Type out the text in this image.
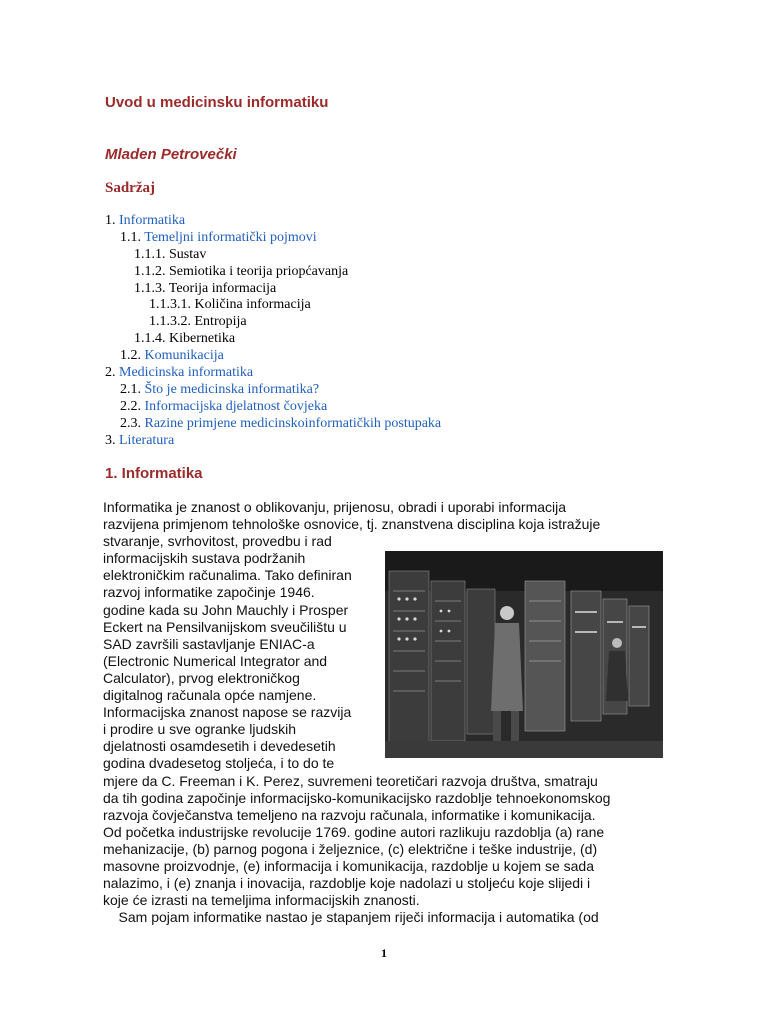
Uvod u medicinsku informatiku
Mladen Petrovečki
Sadržaj
1. Informatika
1.1. Temeljni informatički pojmovi
1.1.1. Sustav
1.1.2. Semiotika i teorija priopćavanja
1.1.3. Teorija informacija
1.1.3.1. Količina informacija
1.1.3.2. Entropija
1.1.4. Kibernetika
1.2. Komunikacija
2. Medicinska informatika
2.1. Što je medicinska informatika?
2.2. Informacijska djelatnost čovjeka
2.3. Razine primjene medicinskoinformatičkih postupaka
3. Literatura
1. Informatika
Informatika je znanost o oblikovanju, prijenosu, obradi i uporabi informacija
razvijena primjenom tehnološke osnovice, tj. znanstvena disciplina koja istražuje
stvaranje, svrhovitost, provedbu i rad
informacijskih sustava podržanih
elektroničkim računalima. Tako definiran
razvoj informatike započinje 1946.
godine kada su John Mauchly i Prosper
Eckert na Pensilvanijskom sveučilištu u
SAD završili sastavljanje ENIAC-a
(Electronic Numerical Integrator and
Calculator), prvog elektroničkog
digitalnog računala opće namjene.
Informacijska znanost napose se razvija
i prodire u sve ogranke ljudskih
djelatnosti osamdesetih i devedesetih
godina dvadesetog stoljeća, i to do te
mjere da C. Freeman i K. Perez, suvremeni teoretičari razvoja društva, smatraju
da tih godina započinje informacijsko-komunikacijsko razdoblje tehnoekonomskog
razvoja čovječanstva temeljeno na razvoju računala, informatike i komunikacija.
Od početka industrijske revolucije 1769. godine autori razlikuju razdoblja (a) rane
mehanizacije, (b) parnog pogona i željeznice, (c) električne i teške industrije, (d)
masovne proizvodnje, (e) informacija i komunikacija, razdoblje u kojem se sada
nalazimo, i (e) znanja i inovacija, razdoblje koje nadolazi u stoljeću koje slijedi i
koje će izrasti na temeljima informacijskih znanosti.
Sam pojam informatike nastao je stapanjem riječi informacija i automatika (od
1
